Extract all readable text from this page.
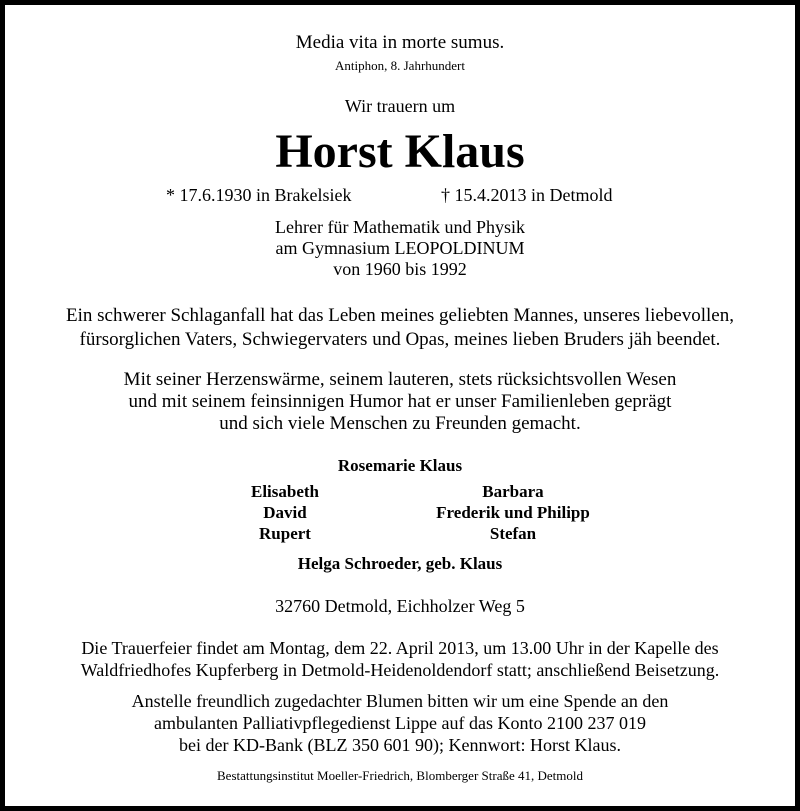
Media vita in morte sumus.
Antiphon, 8. Jahrhundert
Wir trauern um
Horst Klaus
* 17.6.1930 in Brakelsiek	† 15.4.2013 in Detmold
Lehrer für Mathematik und Physik
am Gymnasium LEOPOLDINUM
von 1960 bis 1992
Ein schwerer Schlaganfall hat das Leben meines geliebten Mannes, unseres liebevollen,
fürsorglichen Vaters, Schwiegervaters und Opas, meines lieben Bruders jäh beendet.
Mit seiner Herzenswärme, seinem lauteren, stets rücksichtsvollen Wesen
und mit seinem feinsinnigen Humor hat er unser Familienleben geprägt
und sich viele Menschen zu Freunden gemacht.
Rosemarie Klaus
Elisabeth
David
Rupert
Barbara
Frederik und Philipp
Stefan
Helga Schroeder, geb. Klaus
32760 Detmold, Eichholzer Weg 5
Die Trauerfeier findet am Montag, dem 22. April 2013, um 13.00 Uhr in der Kapelle des
Waldfriedhofes Kupferberg in Detmold-Heidenoldendorf statt; anschließend Beisetzung.
Anstelle freundlich zugedachter Blumen bitten wir um eine Spende an den
ambulanten Palliativpflegedienst Lippe auf das Konto 2100 237 019
bei der KD-Bank (BLZ 350 601 90); Kennwort: Horst Klaus.
Bestattungsinstitut Moeller-Friedrich, Blomberger Straße 41, Detmold
